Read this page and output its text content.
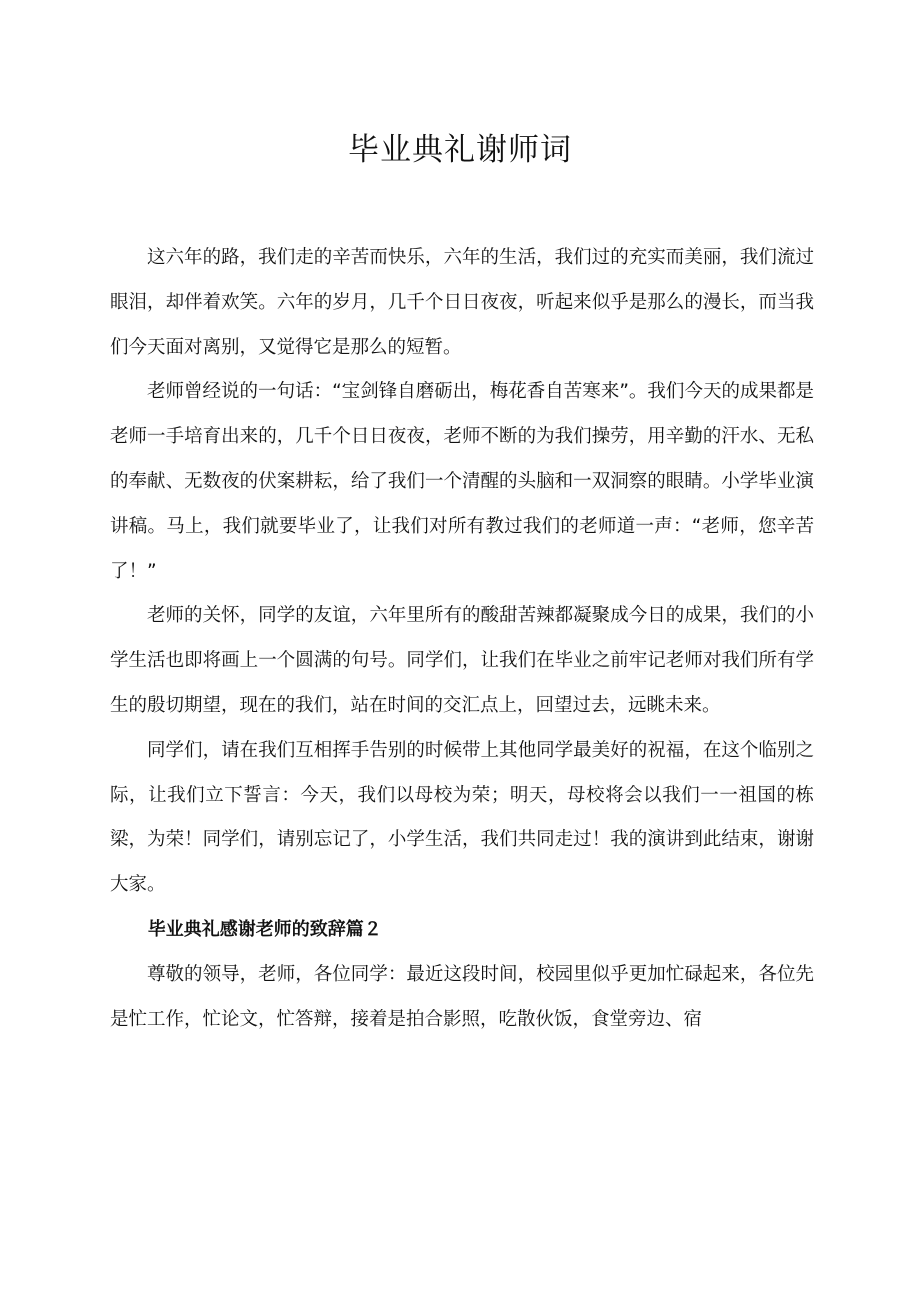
毕业典礼谢师词

这六年的路，我们走的辛苦而快乐，六年的生活，我们过的充实而美丽，我们流过眼泪，却伴着欢笑。六年的岁月，几千个日日夜夜，听起来似乎是那么的漫长，而当我们今天面对离别，又觉得它是那么的短暂。

老师曾经说的一句话：“宝剑锋自磨砺出，梅花香自苦寒来”。我们今天的成果都是老师一手培育出来的，几千个日日夜夜，老师不断的为我们操劳，用辛勤的汗水、无私的奉献、无数夜的伏案耕耘，给了我们一个清醒的头脑和一双洞察的眼睛。小学毕业演讲稿。马上，我们就要毕业了，让我们对所有教过我们的老师道一声：“老师，您辛苦了！”

老师的关怀，同学的友谊，六年里所有的酸甜苦辣都凝聚成今日的成果，我们的小学生活也即将画上一个圆满的句号。同学们，让我们在毕业之前牢记老师对我们所有学生的殷切期望，现在的我们，站在时间的交汇点上，回望过去，远眺未来。

同学们，请在我们互相挥手告别的时候带上其他同学最美好的祝福，在这个临别之际，让我们立下誓言：今天，我们以母校为荣；明天，母校将会以我们一一祖国的栋梁，为荣！同学们，请别忘记了，小学生活，我们共同走过！我的演讲到此结束，谢谢大家。

毕业典礼感谢老师的致辞篇２

尊敬的领导，老师，各位同学：最近这段时间，校园里似乎更加忙碌起来，各位先是忙工作，忙论文，忙答辩，接着是拍合影照，吃散伙饭，食堂旁边、宿
